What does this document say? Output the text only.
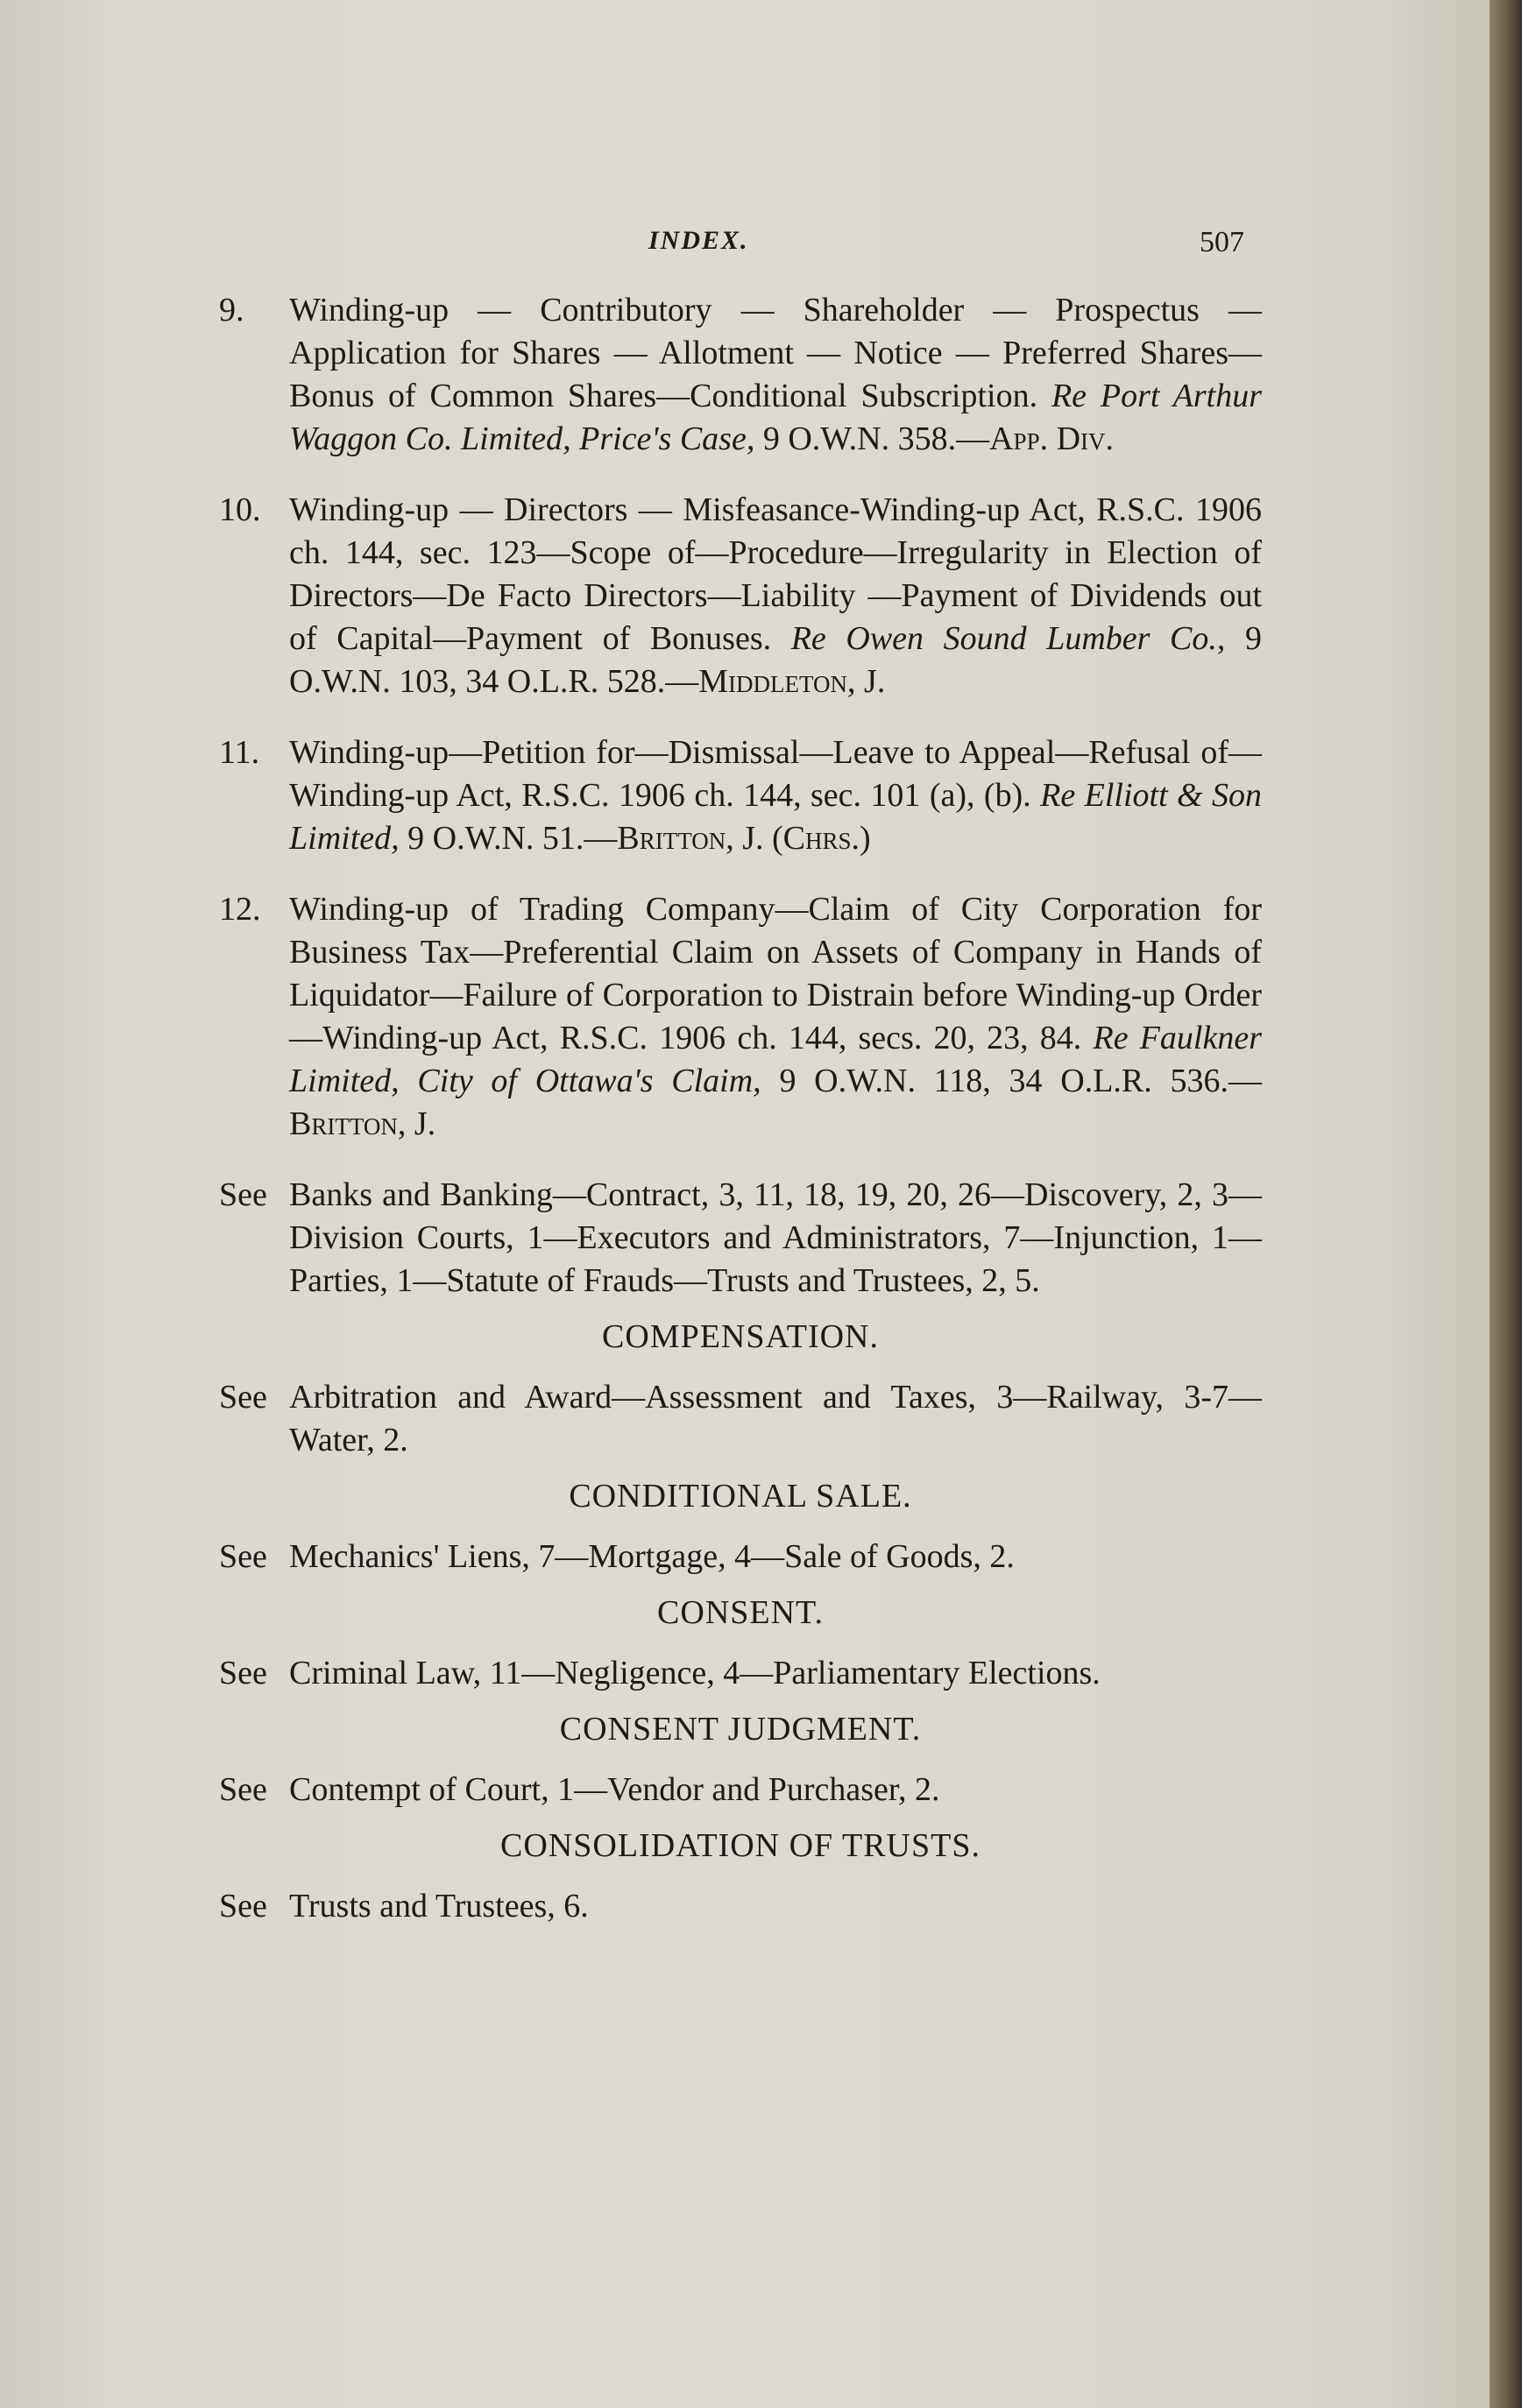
INDEX.	507
9.	Winding-up — Contributory — Shareholder — Prospectus — Application for Shares — Allotment — Notice — Preferred Shares—Bonus of Common Shares—Conditional Subscription. Re Port Arthur Waggon Co. Limited, Price's Case, 9 O.W.N. 358.—App. Div.
10. Winding-up — Directors — Misfeasance-Winding-up Act, R.S.C. 1906 ch. 144, sec. 123—Scope of—Procedure—Irregularity in Election of Directors—De Facto Directors—Liability —Payment of Dividends out of Capital—Payment of Bonuses. Re Owen Sound Lumber Co., 9 O.W.N. 103, 34 O.L.R. 528.—Middleton, J.
11. Winding-up—Petition for—Dismissal—Leave to Appeal—Refusal of—Winding-up Act, R.S.C. 1906 ch. 144, sec. 101 (a), (b). Re Elliott & Son Limited, 9 O.W.N. 51.—Britton, J. (Chrs.)
12. Winding-up of Trading Company—Claim of City Corporation for Business Tax—Preferential Claim on Assets of Company in Hands of Liquidator—Failure of Corporation to Distrain before Winding-up Order—Winding-up Act, R.S.C. 1906 ch. 144, secs. 20, 23, 84. Re Faulkner Limited, City of Ottawa's Claim, 9 O.W.N. 118, 34 O.L.R. 536.—Britton, J.
See Banks and Banking—Contract, 3, 11, 18, 19, 20, 26—Discovery, 2, 3—Division Courts, 1—Executors and Administrators, 7—Injunction, 1—Parties, 1—Statute of Frauds—Trusts and Trustees, 2, 5.
COMPENSATION.
See Arbitration and Award—Assessment and Taxes, 3—Railway, 3-7—Water, 2.
CONDITIONAL SALE.
See Mechanics' Liens, 7—Mortgage, 4—Sale of Goods, 2.
CONSENT.
See Criminal Law, 11—Negligence, 4—Parliamentary Elections.
CONSENT JUDGMENT.
See Contempt of Court, 1—Vendor and Purchaser, 2.
CONSOLIDATION OF TRUSTS.
See Trusts and Trustees, 6.
